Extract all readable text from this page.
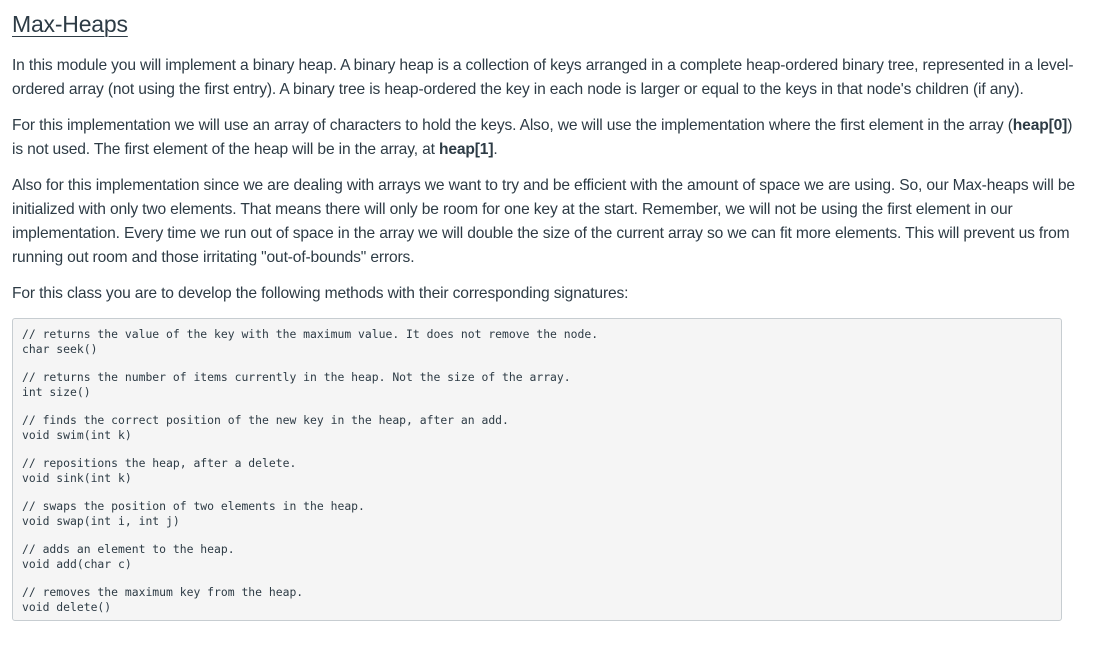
Max-Heaps

In this module you will implement a binary heap. A binary heap is a collection of keys arranged in a complete heap-ordered binary tree, represented in a level-ordered array (not using the first entry). A binary tree is heap-ordered the key in each node is larger or equal to the keys in that node's children (if any).

For this implementation we will use an array of characters to hold the keys. Also, we will use the implementation where the first element in the array (heap[0]) is not used. The first element of the heap will be in the array, at heap[1].

Also for this implementation since we are dealing with arrays we want to try and be efficient with the amount of space we are using. So, our Max-heaps will be initialized with only two elements. That means there will only be room for one key at the start. Remember, we will not be using the first element in our implementation. Every time we run out of space in the array we will double the size of the current array so we can fit more elements. This will prevent us from running out room and those irritating "out-of-bounds" errors.

For this class you are to develop the following methods with their corresponding signatures:

// returns the value of the key with the maximum value. It does not remove the node.
char seek()
// returns the number of items currently in the heap. Not the size of the array.
int size()
// finds the correct position of the new key in the heap, after an add.
void swim(int k)
// repositions the heap, after a delete.
void sink(int k)
// swaps the position of two elements in the heap.
void swap(int i, int j)
// adds an element to the heap.
void add(char c)
// removes the maximum key from the heap.
void delete()
